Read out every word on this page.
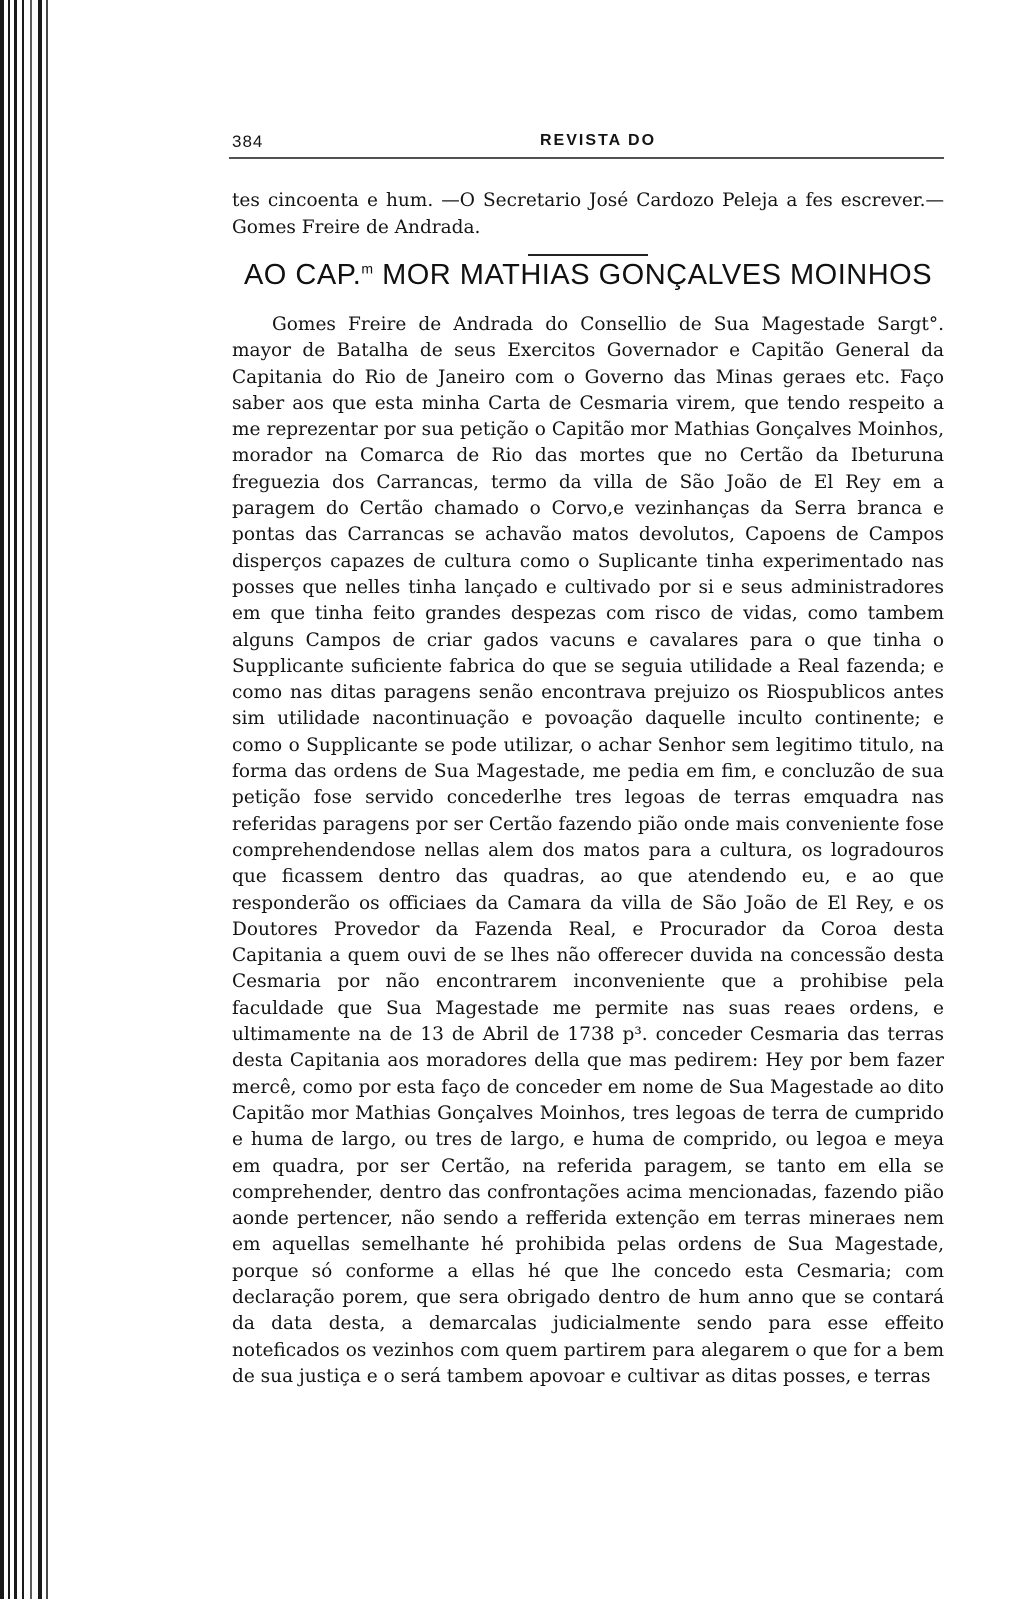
384	REVISTA DO

tes cincoenta e hum. —O Secretario José Cardozo Peleja a fes escrever.— Gomes Freire de Andrada.

AO CAP.$^m$ MOR MATHIAS GONÇALVES MOINHOS

Gomes Freire de Andrada do Consellio de Sua Magestade Sargt°. mayor de Batalha de seus Exercitos Governador e Capitão General da Capitania do Rio de Janeiro com o Governo das Minas geraes etc. Faço saber aos que esta minha Carta de Cesmaria virem, que tendo respeito a me reprezentar por sua petição o Capitão mor Mathias Gonçalves Moinhos, morador na Comarca de Rio das mortes que no Certão da Ibeturuna freguezia dos Carrancas, termo da villa de São João de El Rey em a paragem do Certão chamado o Corvo,e vezinhanças da Serra branca e pontas das Carrancas se achavão matos devolutos, Capoens de Campos disperços capazes de cultura como o Suplicante tinha experimentado nas posses que nelles tinha lançado e cultivado por si e seus administradores em que tinha feito grandes despezas com risco de vidas, como tambem alguns Campos de criar gados vacuns e cavalares para o que tinha o Supplicante suficiente fabrica do que se seguia utilidade a Real fazenda; e como nas ditas paragens senão encontrava prejuizo os Riospublicos antes sim utilidade nacontinuação e povoação daquelle inculto continente; e como o Supplicante se pode utilizar, o achar Senhor sem legitimo titulo, na forma das ordens de Sua Magestade, me pedia em fim, e concluzão de sua petição fose servido concederlhe tres legoas de terras emquadra nas referidas paragens por ser Certão fazendo pião onde mais conveniente fose comprehendendose nellas alem dos matos para a cultura, os logradouros que ficassem dentro das quadras, ao que atendendo eu, e ao que responderão os officiaes da Camara da villa de São João de El Rey, e os Doutores Provedor da Fazenda Real, e Procurador da Coroa desta Capitania a quem ouvi de se lhes não offerecer duvida na concessão desta Cesmaria por não encontrarem inconveniente que a prohibise pela faculdade que Sua Magestade me permite nas suas reaes ordens, e ultimamente na de 13 de Abril de 1738 p³. conceder Cesmaria das terras desta Capitania aos moradores della que mas pedirem: Hey por bem fazer mercê, como por esta faço de conceder em nome de Sua Magestade ao dito Capitão mor Mathias Gonçalves Moinhos, tres legoas de terra de cumprido e huma de largo, ou tres de largo, e huma de comprido, ou legoa e meya em quadra, por ser Certão, na referida paragem, se tanto em ella se comprehender, dentro das confrontações acima mencionadas, fazendo pião aonde pertencer, não sendo a refferida extenção em terras mineraes nem em aquellas semelhante hé prohibida pelas ordens de Sua Magestade, porque só conforme a ellas hé que lhe concedo esta Cesmaria; com declaração porem, que sera obrigado dentro de hum anno que se contará da data desta, a demarcalas judicialmente sendo para esse effeito noteficados os vezinhos com quem partirem para alegarem o que for a bem de sua justiça e o será tambem apovoar e cultivar as ditas posses, e terras
